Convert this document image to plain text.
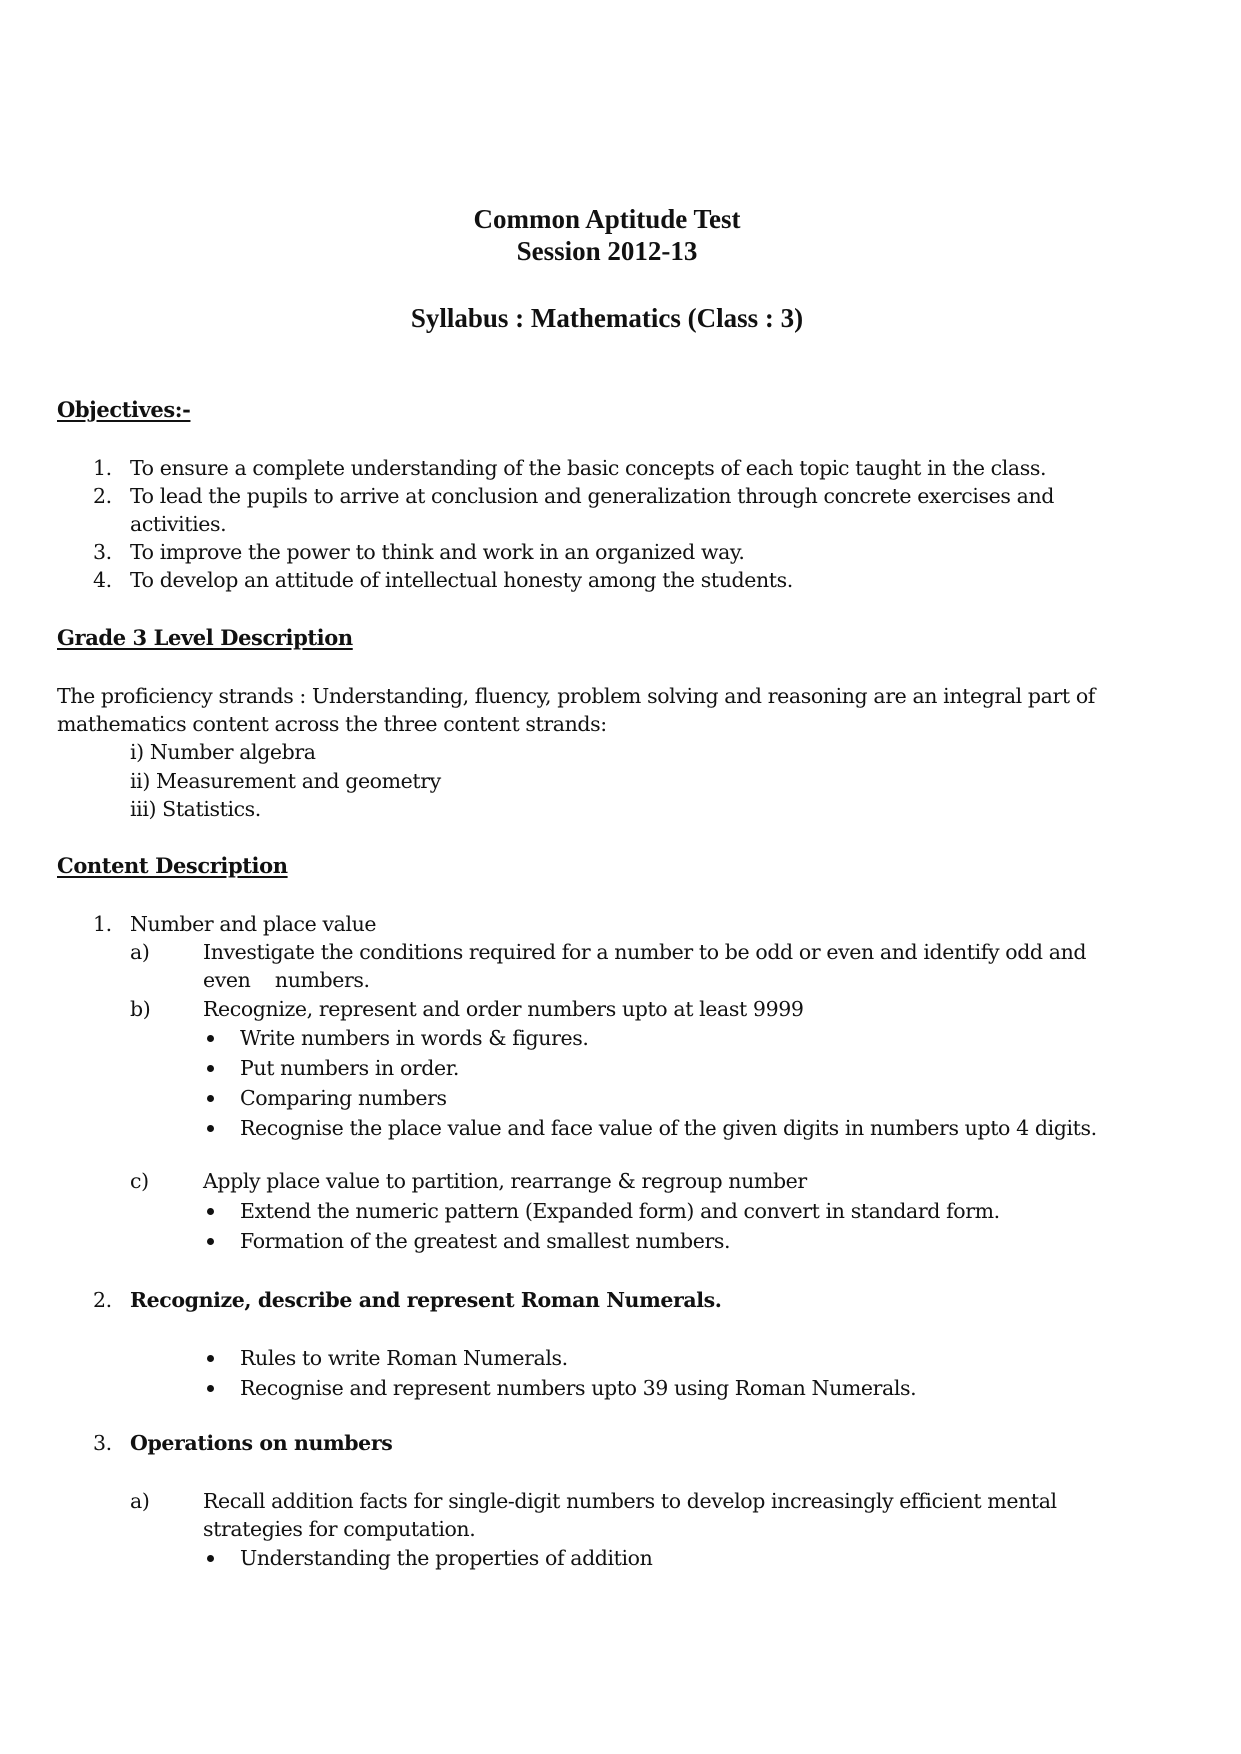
Common Aptitude Test
Session 2012-13
Syllabus : Mathematics (Class : 3)
Objectives:-
1. To ensure a complete understanding of the basic concepts of each topic taught in the class.
2. To lead the pupils to arrive at conclusion and generalization through concrete exercises and
activities.
3. To improve the power to think and work in an organized way.
4. To develop an attitude of intellectual honesty among the students.
Grade 3 Level Description
The proficiency strands : Understanding, fluency, problem solving and reasoning are an integral part of
mathematics content across the three content strands:
i) Number algebra
ii) Measurement and geometry
iii) Statistics.
Content Description
1. Number and place value
a)	Investigate the conditions required for a number to be odd or even and identify odd and
even    numbers.
b)	Recognize, represent and order numbers upto at least 9999
Write numbers in words & figures.
Put numbers in order.
Comparing numbers
Recognise the place value and face value of the given digits in numbers upto 4 digits.
c)	Apply place value to partition, rearrange & regroup number
Extend the numeric pattern (Expanded form) and convert in standard form.
Formation of the greatest and smallest numbers.
2. Recognize, describe and represent Roman Numerals.
Rules to write Roman Numerals.
Recognise and represent numbers upto 39 using Roman Numerals.
3. Operations on numbers
a)	Recall addition facts for single-digit numbers to develop increasingly efficient mental
strategies for computation.
Understanding the properties of addition
